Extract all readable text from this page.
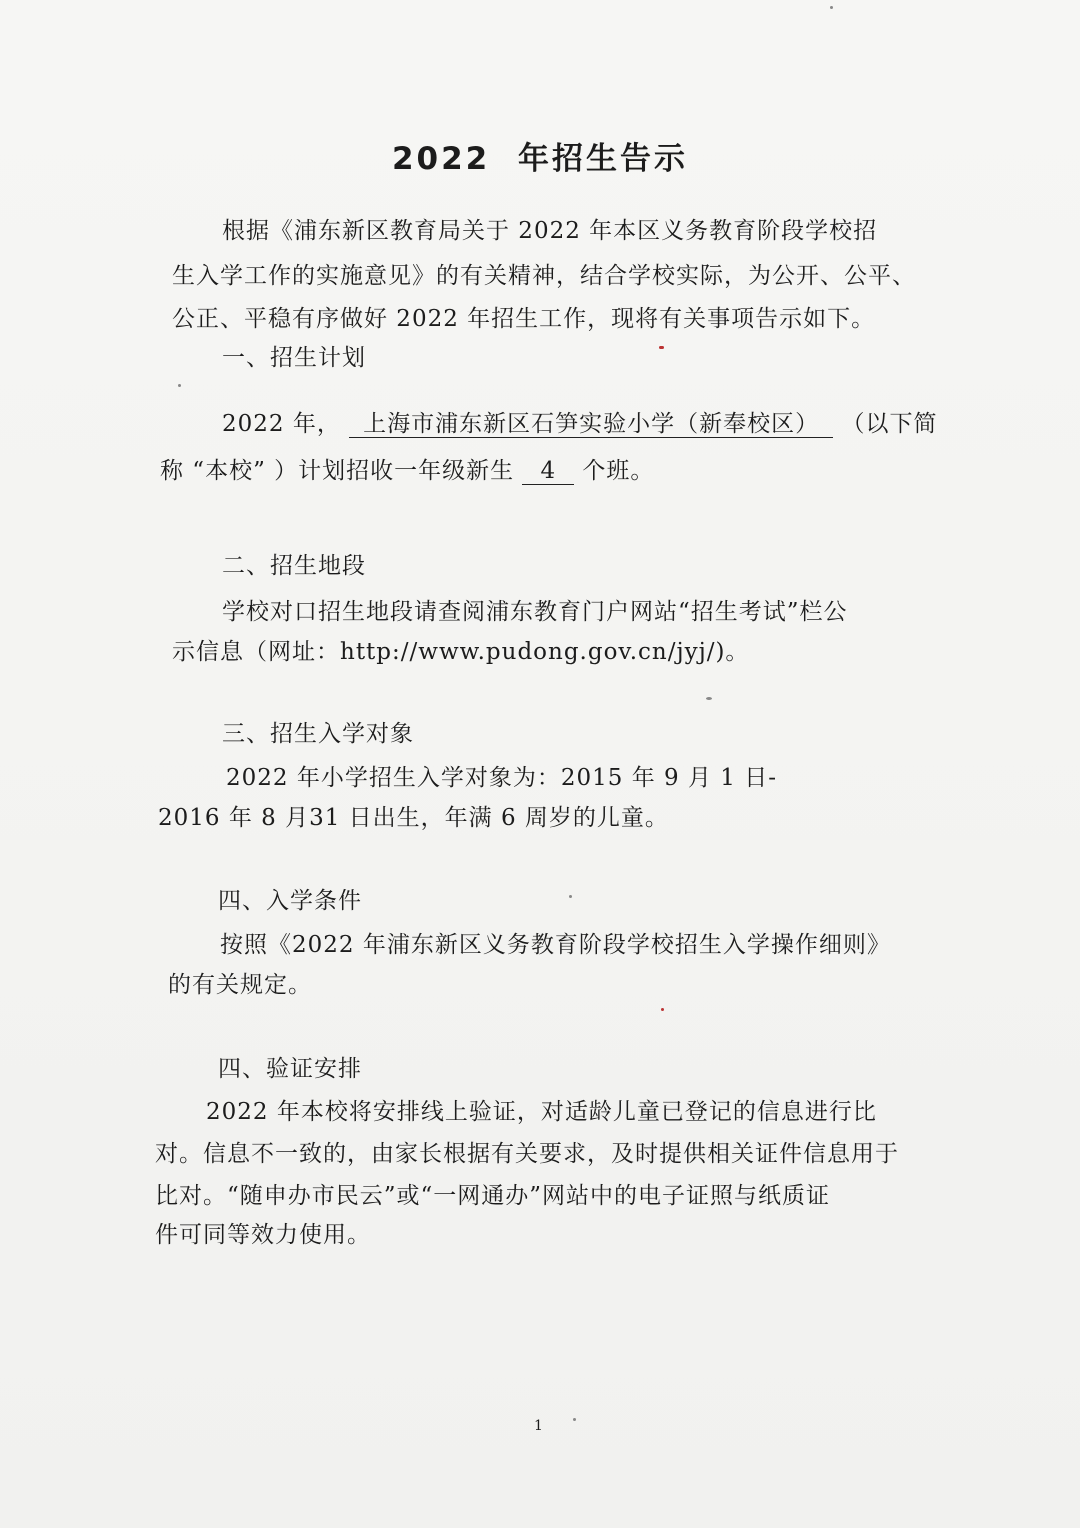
2022 年招生告示
根据《浦东新区教育局关于 2022 年本区义务教育阶段学校招
生入学工作的实施意见》的有关精神，结合学校实际，为公开、公平、
公正、平稳有序做好 2022 年招生工作，现将有关事项告示如下。
一、招生计划
2022 年， 上海市浦东新区石笋实验小学（新奉校区） （以下简
称 “本校” ）计划招收一年级新生 4 个班。
二、招生地段
学校对口招生地段请查阅浦东教育门户网站“招生考试”栏公
示信息（网址：http://www.pudong.gov.cn/jyj/)。
三、招生入学对象
2022 年小学招生入学对象为：2015 年 9 月 1 日-
2016 年 8 月31 日出生，年满 6 周岁的儿童。
四、入学条件
按照《2022 年浦东新区义务教育阶段学校招生入学操作细则》
的有关规定。
四、验证安排
2022 年本校将安排线上验证，对适龄儿童已登记的信息进行比
对。信息不一致的，由家长根据有关要求，及时提供相关证件信息用于
比对。“随申办市民云”或“一网通办”网站中的电子证照与纸质证
件可同等效力使用。
1
